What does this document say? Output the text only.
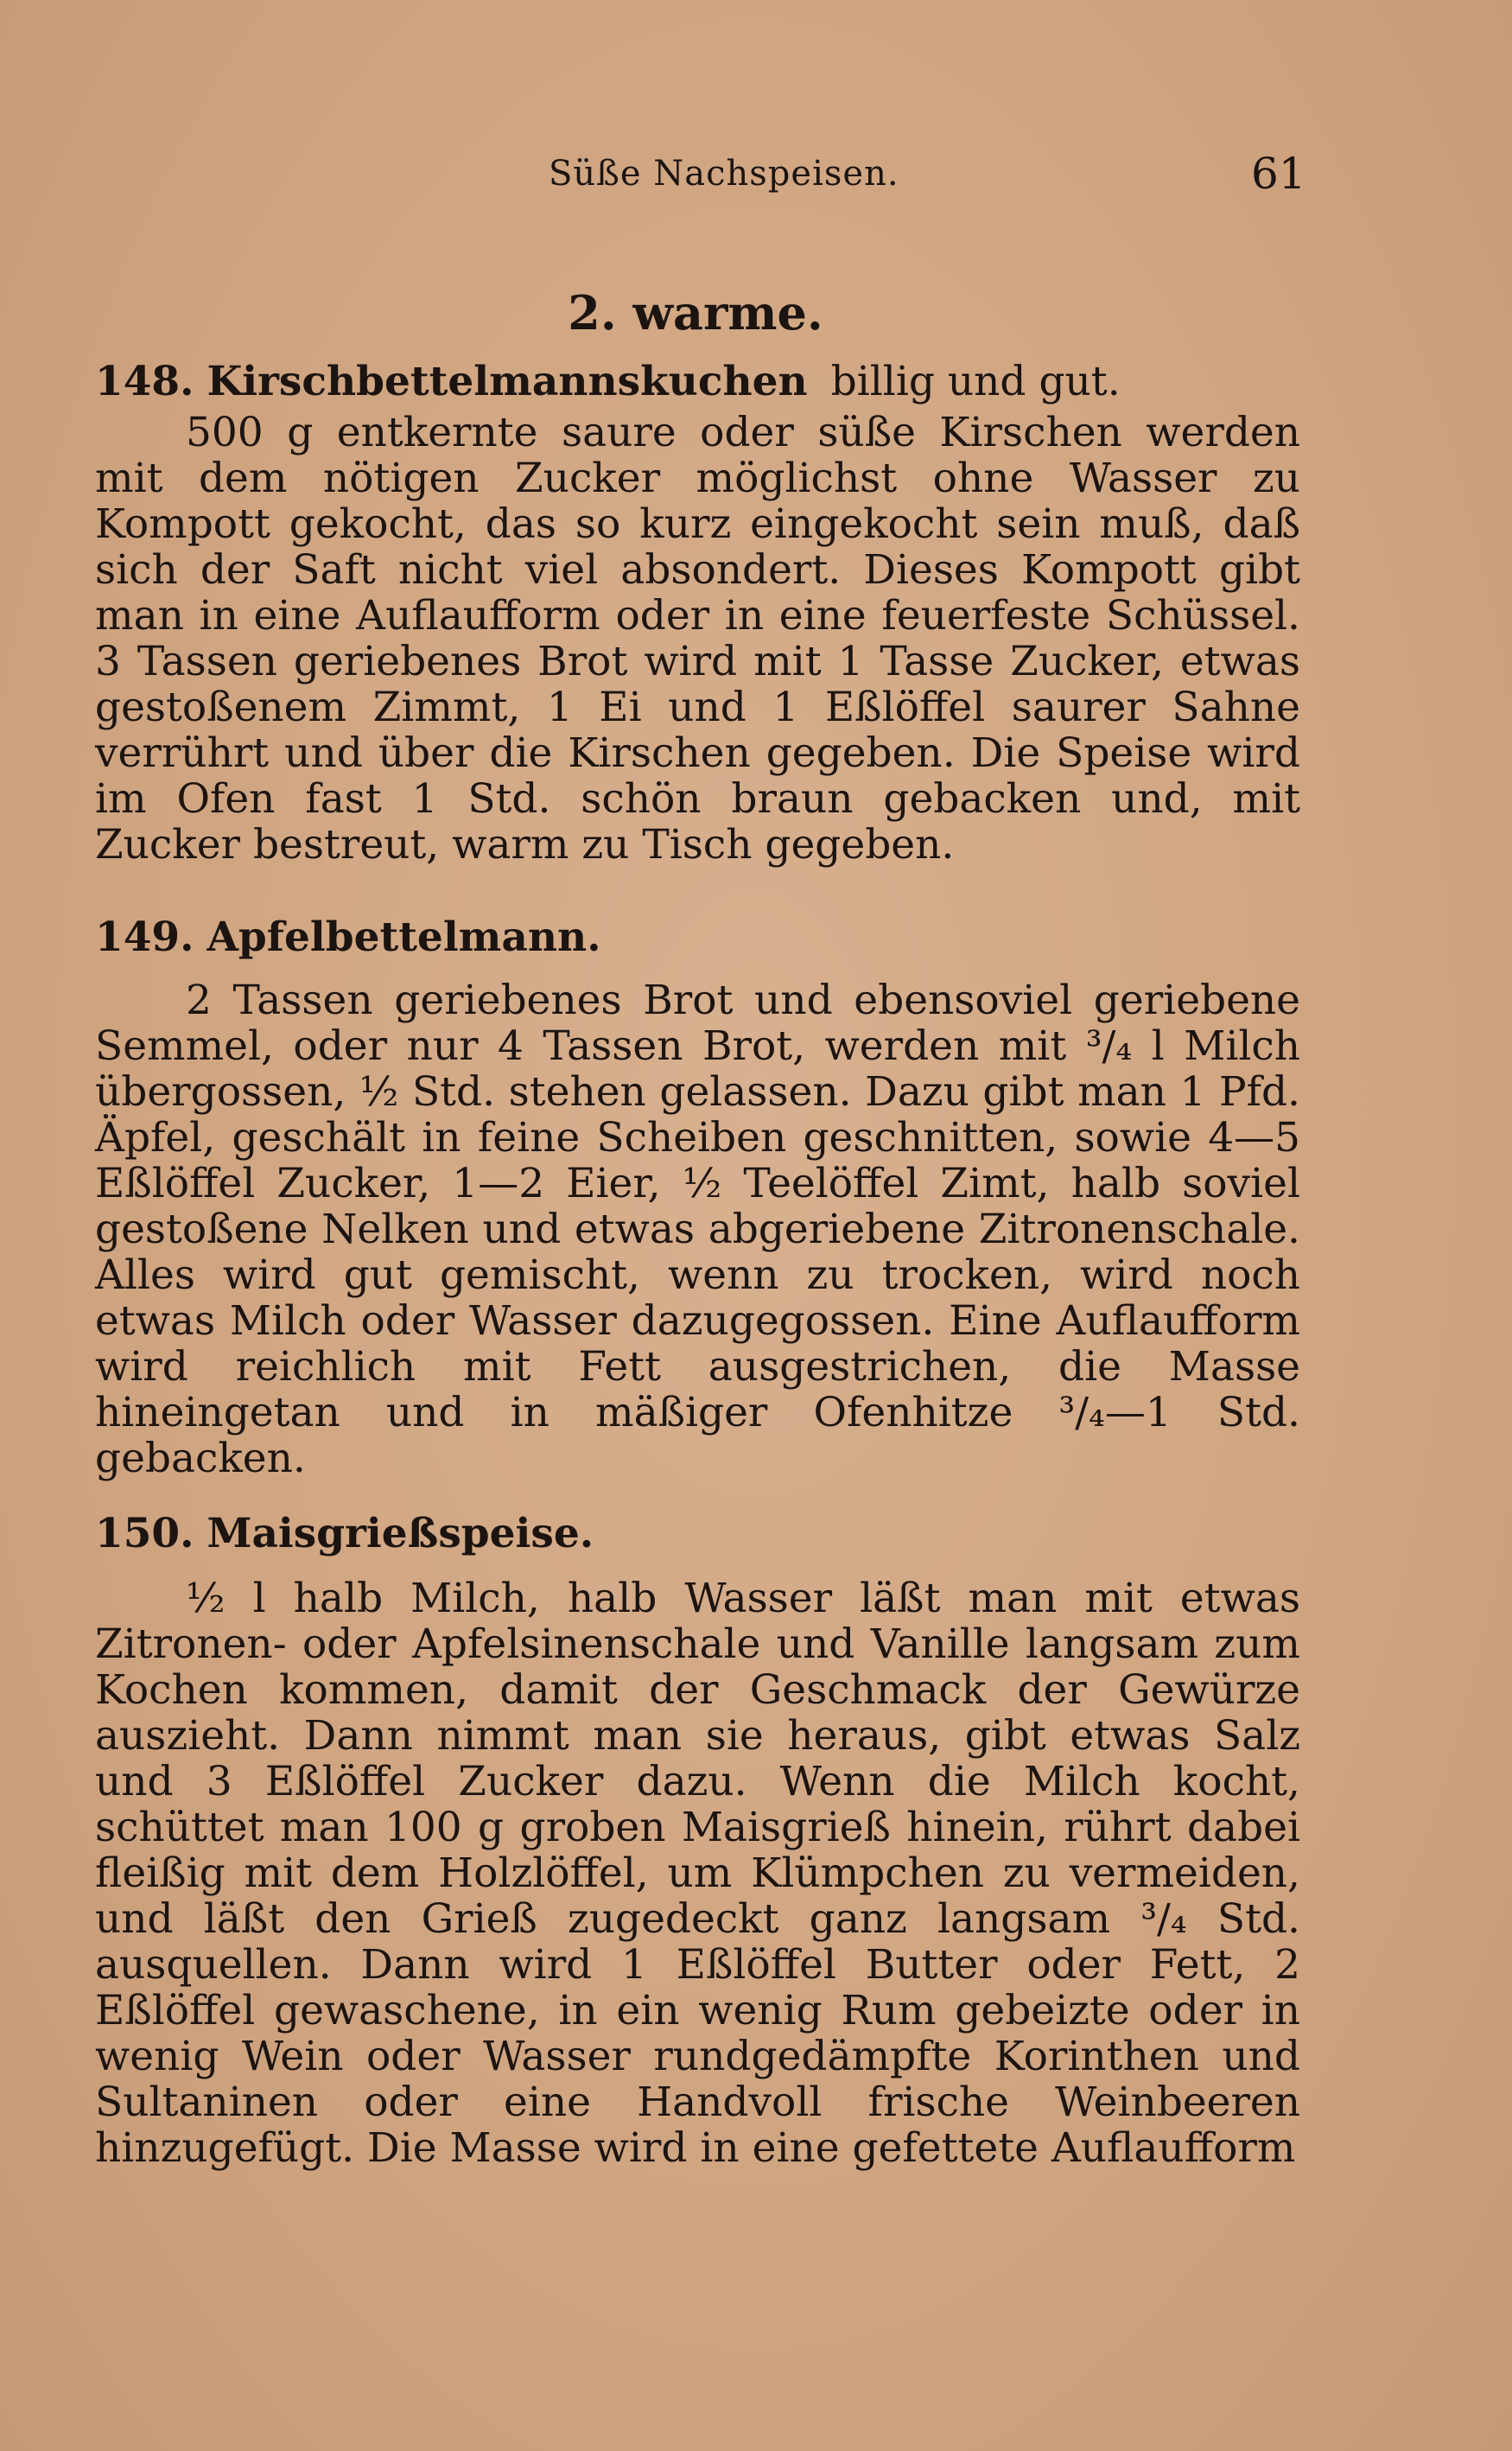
Süße Nachspeisen.	61
2. warme.

148. Kirschbettelmannskuchen billig und gut.

500 g entkernte saure oder süße Kirschen werden mit dem nötigen Zucker möglichst ohne Wasser zu Kompott gekocht, das so kurz eingekocht sein muß, daß sich der Saft nicht viel absondert. Dieses Kompott gibt man in eine Auflaufform oder in eine feuerfeste Schüssel. 3 Tassen geriebenes Brot wird mit 1 Tasse Zucker, etwas gestoßenem Zimmt, 1 Ei und 1 Eßlöffel saurer Sahne verrührt und über die Kirschen gegeben. Die Speise wird im Ofen fast 1 Std. schön braun gebacken und, mit Zucker bestreut, warm zu Tisch gegeben.

149. Apfelbettelmann.

2 Tassen geriebenes Brot und ebensoviel geriebene Semmel, oder nur 4 Tassen Brot, werden mit ³/₄ l Milch übergossen, ½ Std. stehen gelassen. Dazu gibt man 1 Pfd. Äpfel, geschält in feine Scheiben geschnitten, sowie 4—5 Eßlöffel Zucker, 1—2 Eier, ½ Teelöffel Zimt, halb soviel gestoßene Nelken und etwas abgeriebene Zitronenschale. Alles wird gut gemischt, wenn zu trocken, wird noch etwas Milch oder Wasser dazugegossen. Eine Auflaufform wird reichlich mit Fett ausgestrichen, die Masse hineingetan und in mäßiger Ofenhitze ³/₄—1 Std. gebacken.

150. Maisgrießspeise.

½ l halb Milch, halb Wasser läßt man mit etwas Zitronen- oder Apfelsinenschale und Vanille langsam zum Kochen kommen, damit der Geschmack der Gewürze auszieht. Dann nimmt man sie heraus, gibt etwas Salz und 3 Eßlöffel Zucker dazu. Wenn die Milch kocht, schüttet man 100 g groben Maisgrieß hinein, rührt dabei fleißig mit dem Holzlöffel, um Klümpchen zu vermeiden, und läßt den Grieß zugedeckt ganz langsam ³/₄ Std. ausquellen. Dann wird 1 Eßlöffel Butter oder Fett, 2 Eßlöffel gewaschene, in ein wenig Rum gebeizte oder in wenig Wein oder Wasser rundgedämpfte Korinthen und Sultaninen oder eine Handvoll frische Weinbeeren hinzugefügt. Die Masse wird in eine gefettete Auflaufform
